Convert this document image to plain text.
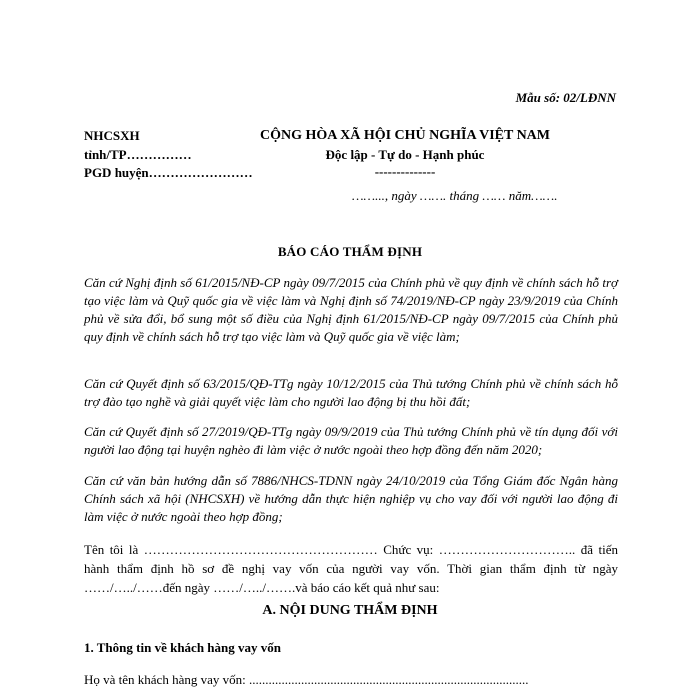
Mẫu số: 02/LĐNN
NHCSXH
tỉnh/TP……………
PGD huyện……………………
CỘNG HÒA XÃ HỘI CHỦ NGHĨA VIỆT NAM
Độc lập - Tự do - Hạnh phúc
--------------
……..., ngày ……. tháng …… năm…….
BÁO CÁO THẨM ĐỊNH
Căn cứ Nghị định số 61/2015/NĐ-CP ngày 09/7/2015 của Chính phủ về quy định về chính sách hỗ trợ tạo việc làm và Quỹ quốc gia về việc làm và Nghị định số 74/2019/NĐ-CP ngày 23/9/2019 của Chính phủ về sửa đổi, bổ sung một số điều của Nghị định 61/2015/NĐ-CP ngày 09/7/2015 của Chính phủ quy định về chính sách hỗ trợ tạo việc làm và Quỹ quốc gia về việc làm;
Căn cứ Quyết định số 63/2015/QĐ-TTg ngày 10/12/2015 của Thủ tướng Chính phủ về chính sách hỗ trợ đào tạo nghề và giải quyết việc làm cho người lao động bị thu hồi đất;
Căn cứ Quyết định số 27/2019/QĐ-TTg ngày 09/9/2019 của Thủ tướng Chính phủ về tín dụng đối với người lao động tại huyện nghèo đi làm việc ở nước ngoài theo hợp đồng đến năm 2020;
Căn cứ văn bản hướng dẫn số 7886/NHCS-TDNN ngày 24/10/2019 của Tổng Giám đốc Ngân hàng Chính sách xã hội (NHCSXH) về hướng dẫn thực hiện nghiệp vụ cho vay đối với người lao động đi làm việc ở nước ngoài theo hợp đồng;
Tên tôi là ……………………………………………… Chức vụ: ………………………….. đã tiến hành thẩm định hồ sơ đề nghị vay vốn của người vay vốn. Thời gian thẩm định từ ngày ……/…../……đến ngày ……/…../…….và báo cáo kết quả như sau:
A. NỘI DUNG THẨM ĐỊNH
1. Thông tin về khách hàng vay vốn
Họ và tên khách hàng vay vốn: ......................................................................................
